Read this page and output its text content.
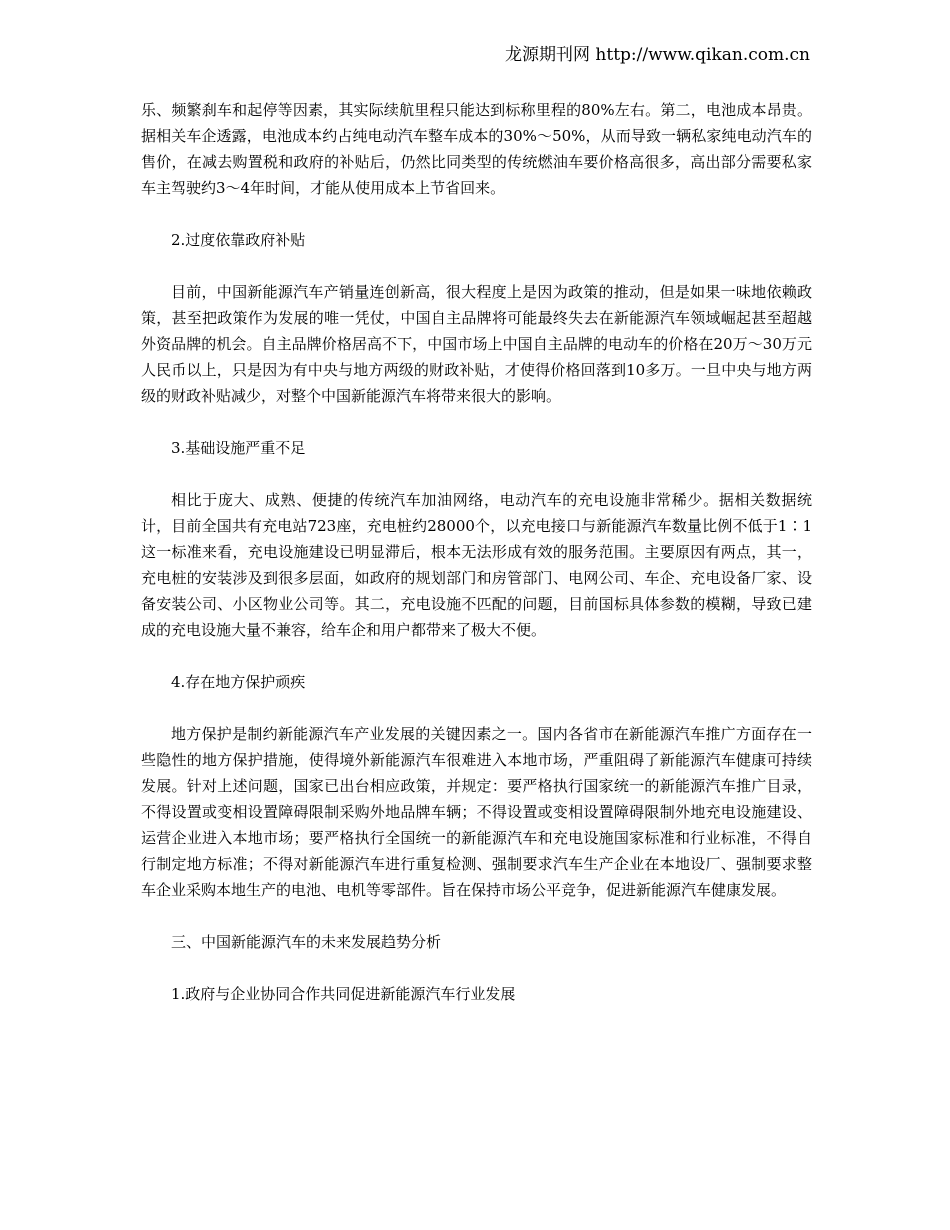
龙源期刊网 http://www.qikan.com.cn

乐、频繁刹车和起停等因素，其实际续航里程只能达到标称里程的80%左右。第二，电池成本昂贵。据相关车企透露，电池成本约占纯电动汽车整车成本的30%～50%，从而导致一辆私家纯电动汽车的售价，在减去购置税和政府的补贴后，仍然比同类型的传统燃油车要价格高很多，高出部分需要私家车主驾驶约3～4年时间，才能从使用成本上节省回来。

2.过度依靠政府补贴

目前，中国新能源汽车产销量连创新高，很大程度上是因为政策的推动，但是如果一味地依赖政策，甚至把政策作为发展的唯一凭仗，中国自主品牌将可能最终失去在新能源汽车领域崛起甚至超越外资品牌的机会。自主品牌价格居高不下，中国市场上中国自主品牌的电动车的价格在20万～30万元人民币以上，只是因为有中央与地方两级的财政补贴，才使得价格回落到10多万。一旦中央与地方两级的财政补贴减少，对整个中国新能源汽车将带来很大的影响。

3.基础设施严重不足

相比于庞大、成熟、便捷的传统汽车加油网络，电动汽车的充电设施非常稀少。据相关数据统计，目前全国共有充电站723座，充电桩约28000个，以充电接口与新能源汽车数量比例不低于1∶1这一标准来看，充电设施建设已明显滞后，根本无法形成有效的服务范围。主要原因有两点，其一，充电桩的安装涉及到很多层面，如政府的规划部门和房管部门、电网公司、车企、充电设备厂家、设备安装公司、小区物业公司等。其二，充电设施不匹配的问题，目前国标具体参数的模糊，导致已建成的充电设施大量不兼容，给车企和用户都带来了极大不便。

4.存在地方保护顽疾

地方保护是制约新能源汽车产业发展的关键因素之一。国内各省市在新能源汽车推广方面存在一些隐性的地方保护措施，使得境外新能源汽车很难进入本地市场，严重阻碍了新能源汽车健康可持续发展。针对上述问题，国家已出台相应政策，并规定：要严格执行国家统一的新能源汽车推广目录，不得设置或变相设置障碍限制采购外地品牌车辆；不得设置或变相设置障碍限制外地充电设施建设、运营企业进入本地市场；要严格执行全国统一的新能源汽车和充电设施国家标准和行业标准，不得自行制定地方标准；不得对新能源汽车进行重复检测、强制要求汽车生产企业在本地设厂、强制要求整车企业采购本地生产的电池、电机等零部件。旨在保持市场公平竞争，促进新能源汽车健康发展。

三、中国新能源汽车的未来发展趋势分析

1.政府与企业协同合作共同促进新能源汽车行业发展
